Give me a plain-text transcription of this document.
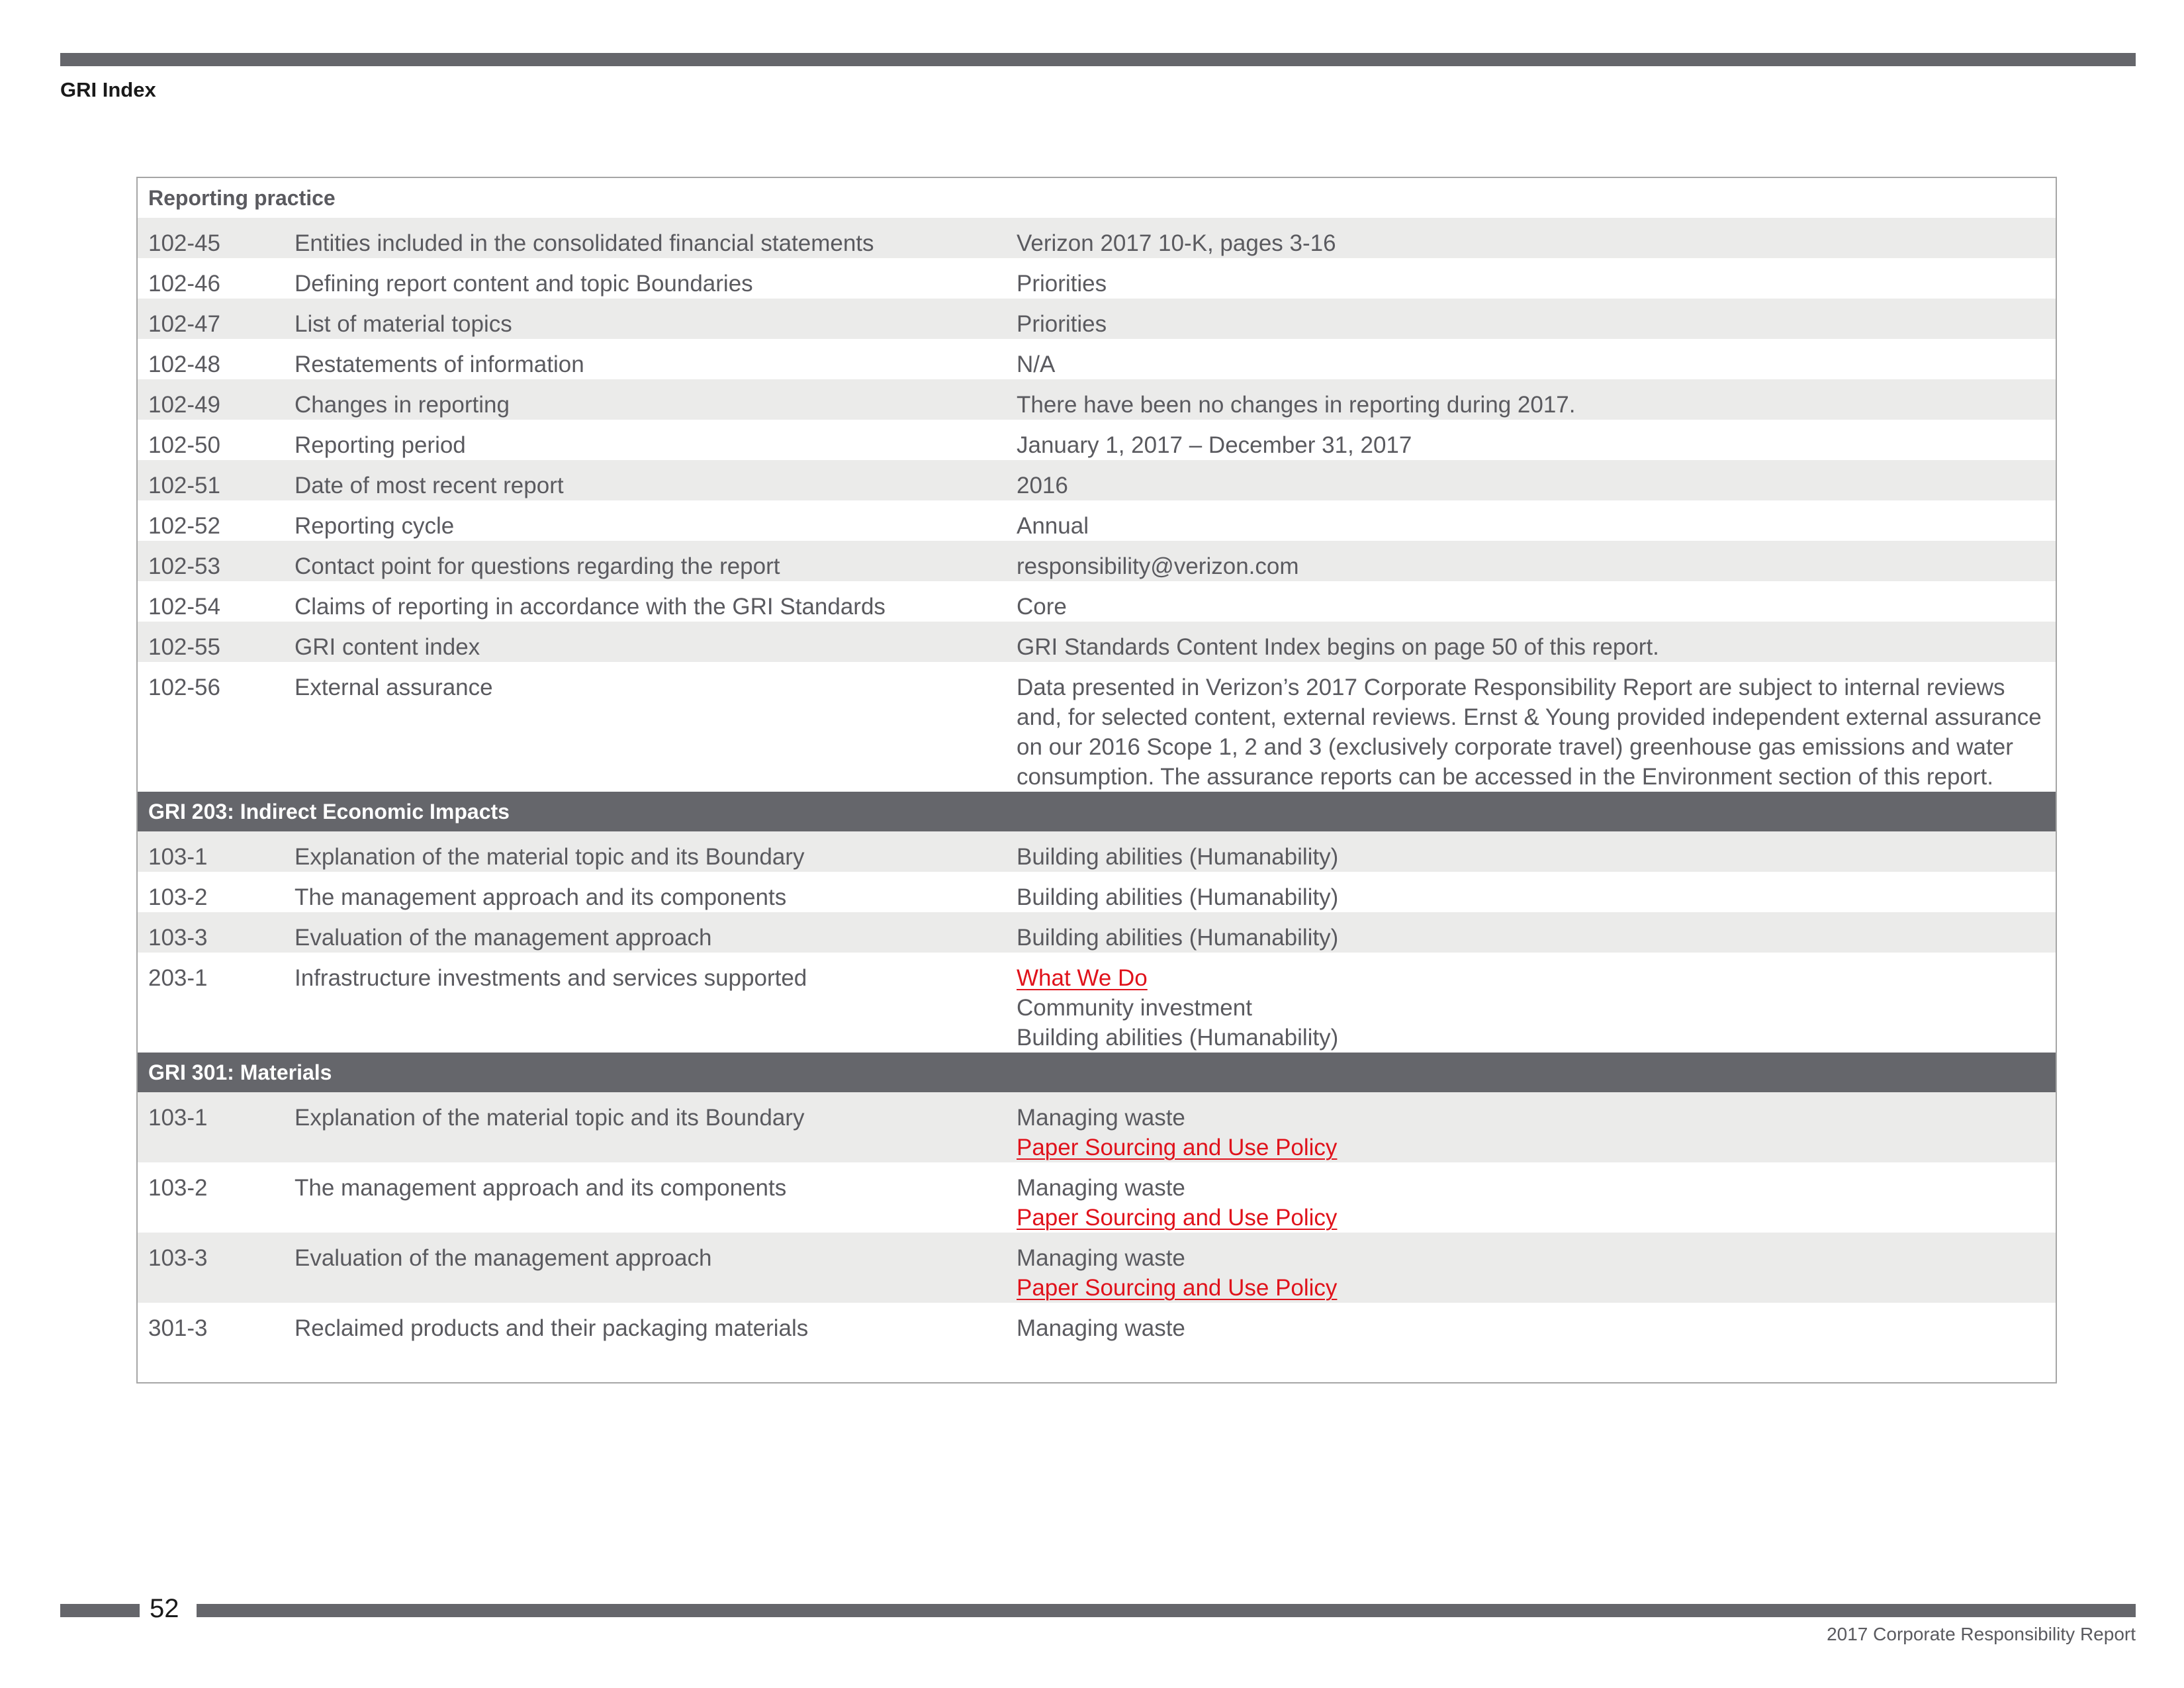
GRI Index
Reporting practice
102-45	Entities included in the consolidated financial statements	Verizon 2017 10-K, pages 3-16
102-46	Defining report content and topic Boundaries	Priorities
102-47	List of material topics	Priorities
102-48	Restatements of information	N/A
102-49	Changes in reporting	There have been no changes in reporting during 2017.
102-50	Reporting period	January 1, 2017 – December 31, 2017
102-51	Date of most recent report	2016
102-52	Reporting cycle	Annual
102-53	Contact point for questions regarding the report	responsibility@verizon.com
102-54	Claims of reporting in accordance with the GRI Standards	Core
102-55	GRI content index	GRI Standards Content Index begins on page 50 of this report.
102-56	External assurance	Data presented in Verizon’s 2017 Corporate Responsibility Report are subject to internal reviews and, for selected content, external reviews. Ernst & Young provided independent external assurance on our 2016 Scope 1, 2 and 3 (exclusively corporate travel) greenhouse gas emissions and water consumption. The assurance reports can be accessed in the Environment section of this report.
GRI 203: Indirect Economic Impacts
103-1	Explanation of the material topic and its Boundary	Building abilities (Humanability)
103-2	The management approach and its components	Building abilities (Humanability)
103-3	Evaluation of the management approach	Building abilities (Humanability)
203-1	Infrastructure investments and services supported	What We Do
Community investment
Building abilities (Humanability)
GRI 301: Materials
103-1	Explanation of the material topic and its Boundary	Managing waste
Paper Sourcing and Use Policy
103-2	The management approach and its components	Managing waste
Paper Sourcing and Use Policy
103-3	Evaluation of the management approach	Managing waste
Paper Sourcing and Use Policy
301-3	Reclaimed products and their packaging materials	Managing waste
52
2017 Corporate Responsibility Report
